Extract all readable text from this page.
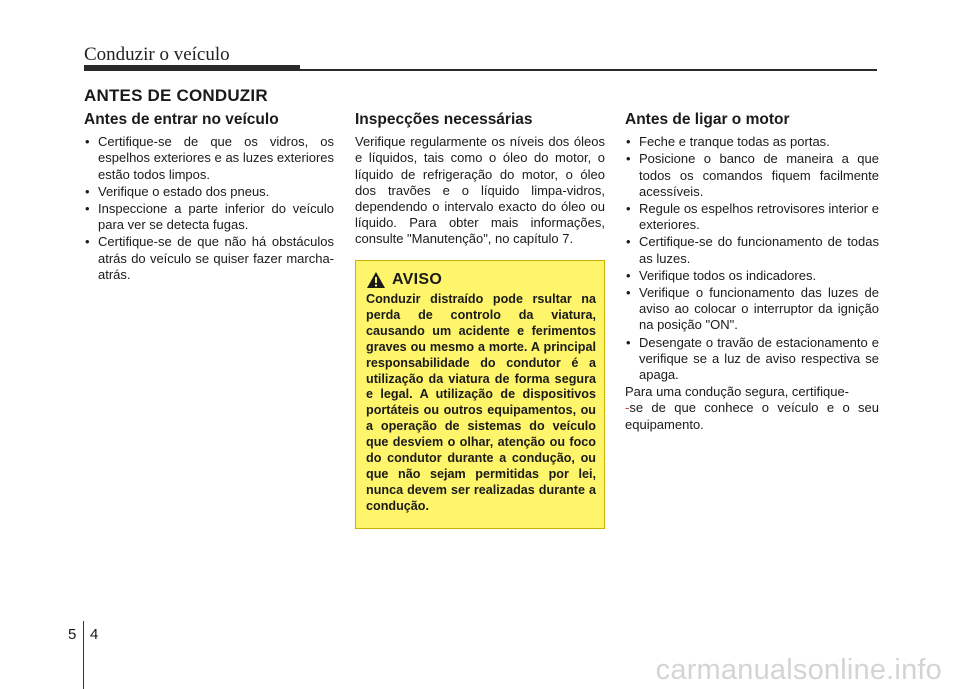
Conduzir o veículo
ANTES DE CONDUZIR
Antes de entrar no veículo
• Certifique-se de que os vidros, os espelhos exteriores e as luzes exteriores estão todos limpos.
• Verifique o estado dos pneus.
• Inspeccione a parte inferior do veículo para ver se detecta fugas.
• Certifique-se de que não há obstáculos atrás do veículo se quiser fazer marcha-atrás.
Inspecções necessárias

Verifique regularmente os níveis dos óleos e líquidos, tais como o óleo do motor, o líquido de refrigeração do motor, o óleo dos travões e o líquido limpa-vidros, dependendo o intervalo exacto do óleo ou líquido. Para obter mais informações, consulte "Manutenção", no capítulo 7.

AVISO

Conduzir distraído pode rsultar na perda de controlo da viatura, causando um acidente e ferimentos graves ou mesmo a morte. A principal responsabilidade do condutor é a utilização da viatura de forma segura e legal. A utilização de dispositivos portáteis ou outros equipamentos, ou a operação de sistemas do veículo que desviem o olhar, atenção ou foco do condutor durante a condução, ou que não sejam permitidas por lei, nunca devem ser realizadas durante a condução.

Antes de ligar o motor
• Feche e tranque todas as portas.
• Posicione o banco de maneira a que todos os comandos fiquem facilmente acessíveis.
• Regule os espelhos retrovisores interior e exteriores.
• Certifique-se do funcionamento de todas as luzes.
• Verifique todos os indicadores.
• Verifique o funcionamento das luzes de aviso ao colocar o interruptor da ignição na posição "ON".
• Desengate o travão de estacionamento e verifique se a luz de aviso respectiva se apaga.

Para uma condução segura, certifique-
-se de que conhece o veículo e o seu equipamento.

5 4
carmanualsonline.info
